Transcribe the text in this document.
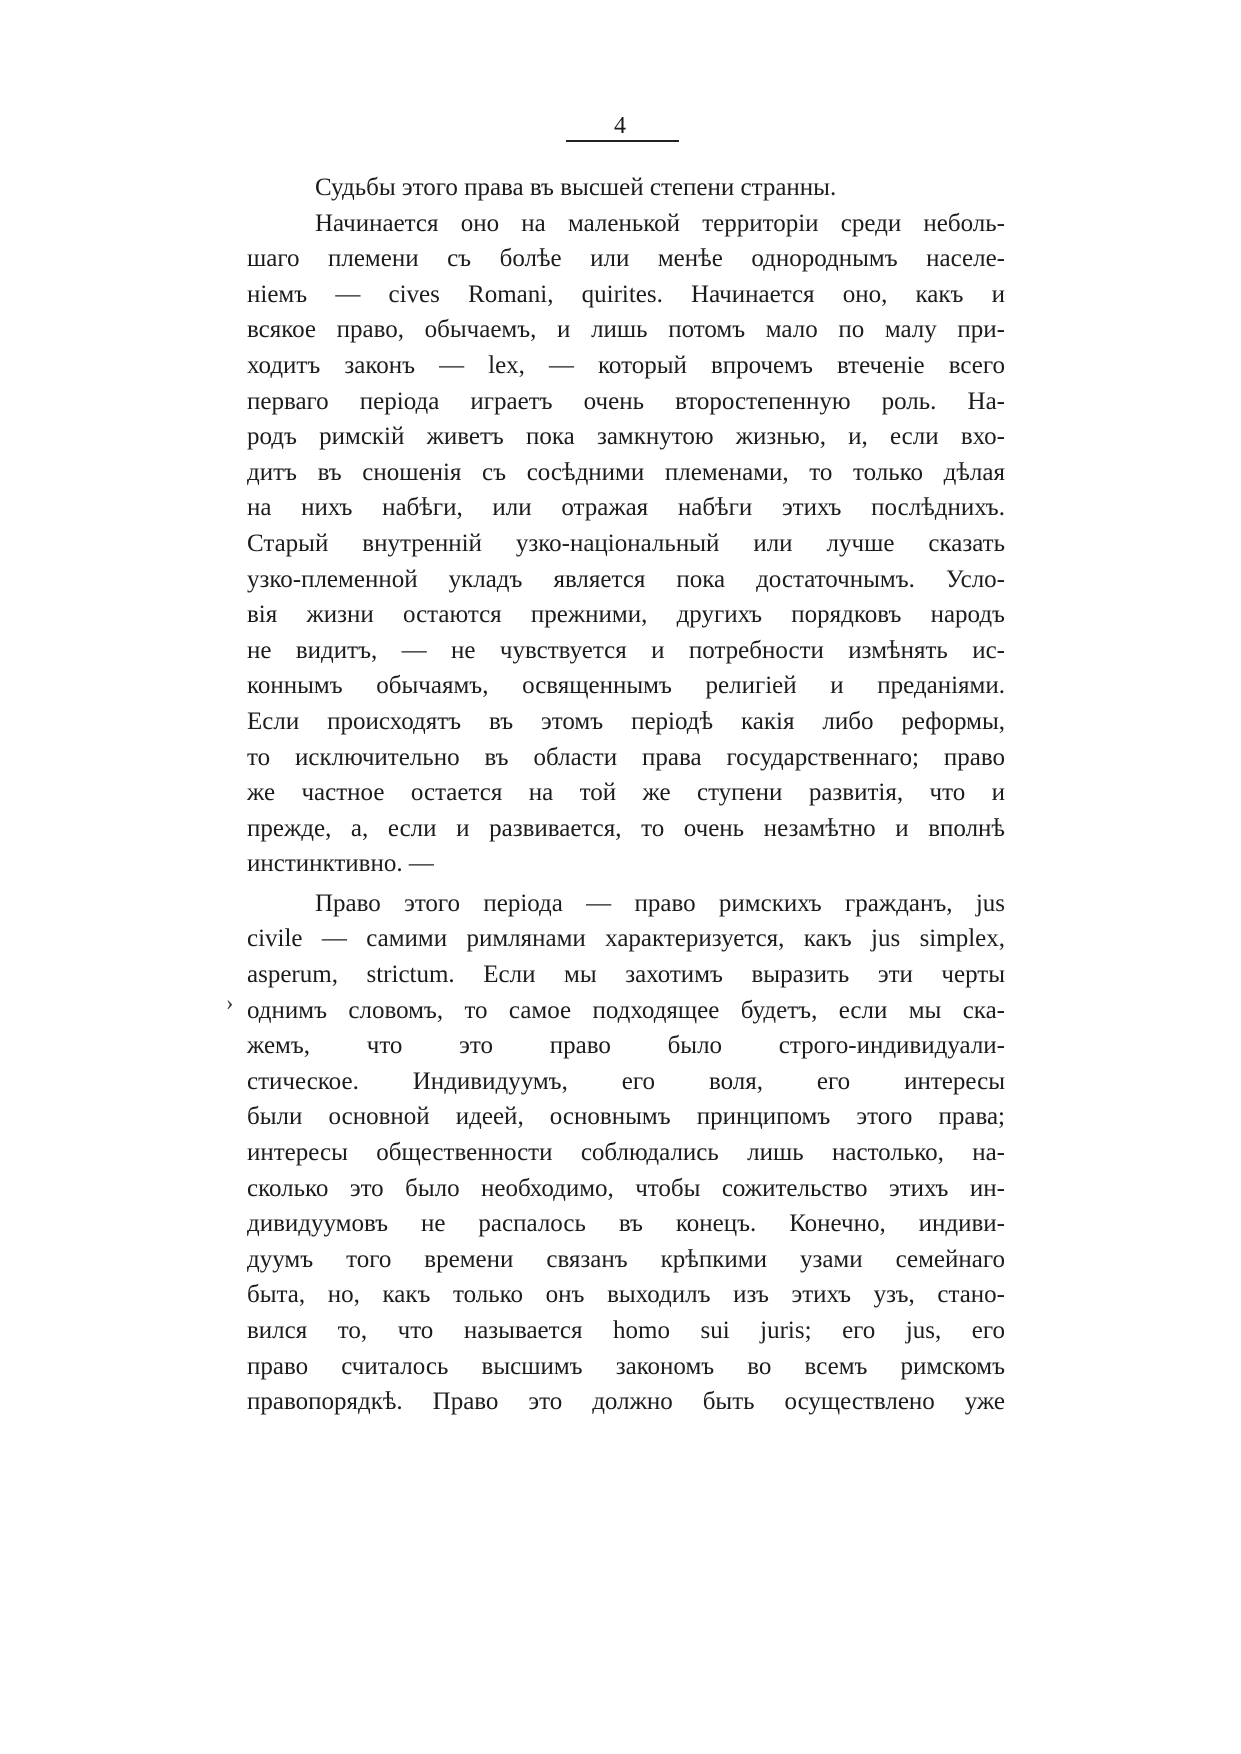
4
›
Судьбы этого права въ высшей степени странны.
Начинается оно на маленькой территоріи среди неболь-
шаго племени съ болѣе или менѣе однороднымъ населе-
ніемъ — cives Romani, quirites. Начинается оно, какъ и
всякое право, обычаемъ, и лишь потомъ мало по малу при-
ходитъ законъ — lex, — который впрочемъ втеченіе всего
перваго періода играетъ очень второстепенную роль. На-
родъ римскій живетъ пока замкнутою жизнью, и, если вхо-
дитъ въ сношенія съ сосѣдними племенами, то только дѣлая
на нихъ набѣги, или отражая набѣги этихъ послѣднихъ.
Старый внутренній узко-національный или лучше сказать
узко-племенной укладъ является пока достаточнымъ. Усло-
вія жизни остаются прежними, другихъ порядковъ народъ
не видитъ, — не чувствуется и потребности измѣнять ис-
коннымъ обычаямъ, освященнымъ религіей и преданіями.
Если происходятъ въ этомъ періодѣ какія либо реформы,
то исключительно въ области права государственнаго; право
же частное остается на той же ступени развитія, что и
прежде, а, если и развивается, то очень незамѣтно и вполнѣ
инстинктивно. —
Право этого періода — право римскихъ гражданъ, jus
civile — самими римлянами характеризуется, какъ jus simplex,
asperum, strictum. Если мы захотимъ выразить эти черты
однимъ словомъ, то самое подходящее будетъ, если мы ска-
жемъ, что это право было строго-индивидуали-
стическое. Индивидуумъ, его воля, его интересы
были основной идеей, основнымъ принципомъ этого права;
интересы общественности соблюдались лишь настолько, на-
сколько это было необходимо, чтобы сожительство этихъ ин-
дивидуумовъ не распалось въ конецъ. Конечно, индиви-
дуумъ того времени связанъ крѣпкими узами семейнаго
быта, но, какъ только онъ выходилъ изъ этихъ узъ, стано-
вился то, что называется homo sui juris; его jus, его
право считалось высшимъ закономъ во всемъ римскомъ
правопорядкѣ. Право это должно быть осуществлено уже
